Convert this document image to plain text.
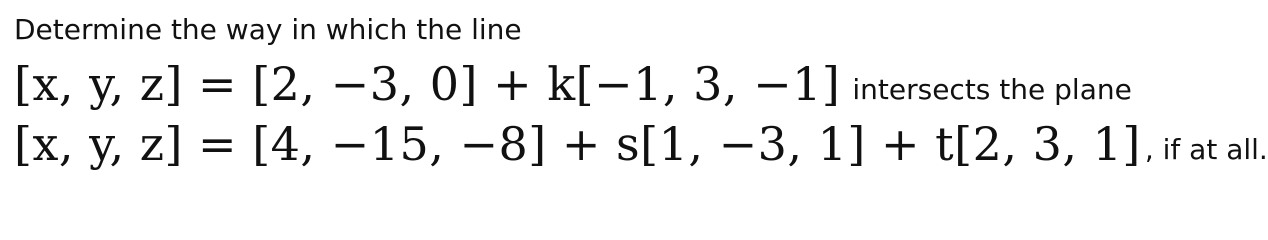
Determine the way in which the line
[x, y, z] = [2, −3, 0] + k[−1, 3, −1] intersects the plane
[x, y, z] = [4, −15, −8] + s[1, −3, 1] + t[2, 3, 1] , if at all.
